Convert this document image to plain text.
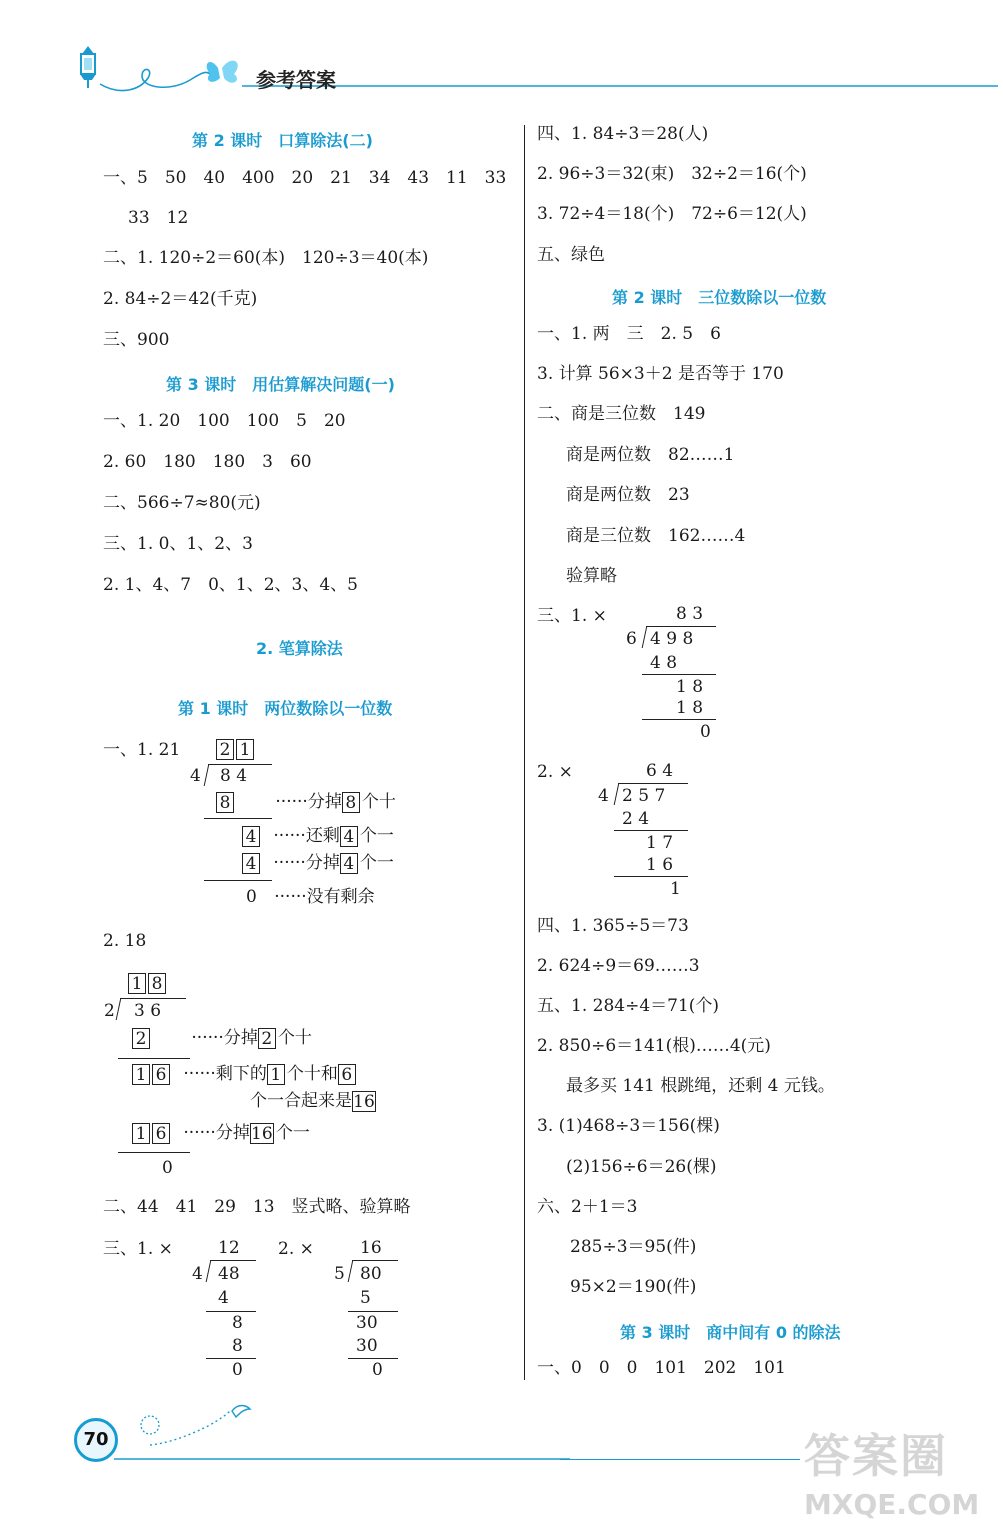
参考答案
第 2 课时　口算除法(二)
一、5　50　40　400　20　21　34　43　11　33
33　12
二、1. 120÷2＝60(本)　120÷3＝40(本)
2. 84÷2＝42(千克)
三、900
第 3 课时　用估算解决问题(一)
一、1. 20　100　100　5　20
2. 60　180　180　3　60
二、566÷7≈80(元)
三、1. 0、1、2、3
2. 1、4、7　0、1、2、3、4、5
2. 笔算除法
第 1 课时　两位数除以一位数
一、1. 21 2 1
4 8 4
8	······分掉 8 个十
4 ······还剩 4 个一
4 ······分掉 4 个一
0 ······没有剩余
2. 18
1 8
2 3 6
2	······分掉 2 个十
1 6 ······剩下的 1 个十和 6
个一合起来是16
1 6 ······分掉16 个一
0
二、44　41　29　13　竖式略、验算略
三、1. ×	12
4 48
4
8
8
0
2. ×	16
5 80
5
30
30
0
四、1. 84÷3＝28(人)
2. 96÷3＝32(束)　32÷2＝16(个)
3. 72÷4＝18(个)　72÷6＝12(人)
五、绿色
第 2 课时　三位数除以一位数
一、1. 两　三　2. 5　6
3. 计算 56×3＋2 是否等于 170
二、商是三位数　149
商是两位数　82……1
商是两位数　23
商是三位数　162……4
验算略
三、1. ×	8 3
6 4 9 8
4 8
1 8
1 8
0
2. ×	6 4
4 2 5 7
2 4
1 7
1 6
1
四、1. 365÷5＝73
2. 624÷9＝69……3
五、1. 284÷4＝71(个)
2. 850÷6＝141(根)……4(元)
最多买 141 根跳绳，还剩 4 元钱。
3. (1)468÷3＝156(棵)
(2)156÷6＝26(棵)
六、2＋1＝3
285÷3＝95(件)
95×2＝190(件)
第 3 课时　商中间有 0 的除法
一、0　0　0　101　202　101
70	答案圈
MXQE.COM
